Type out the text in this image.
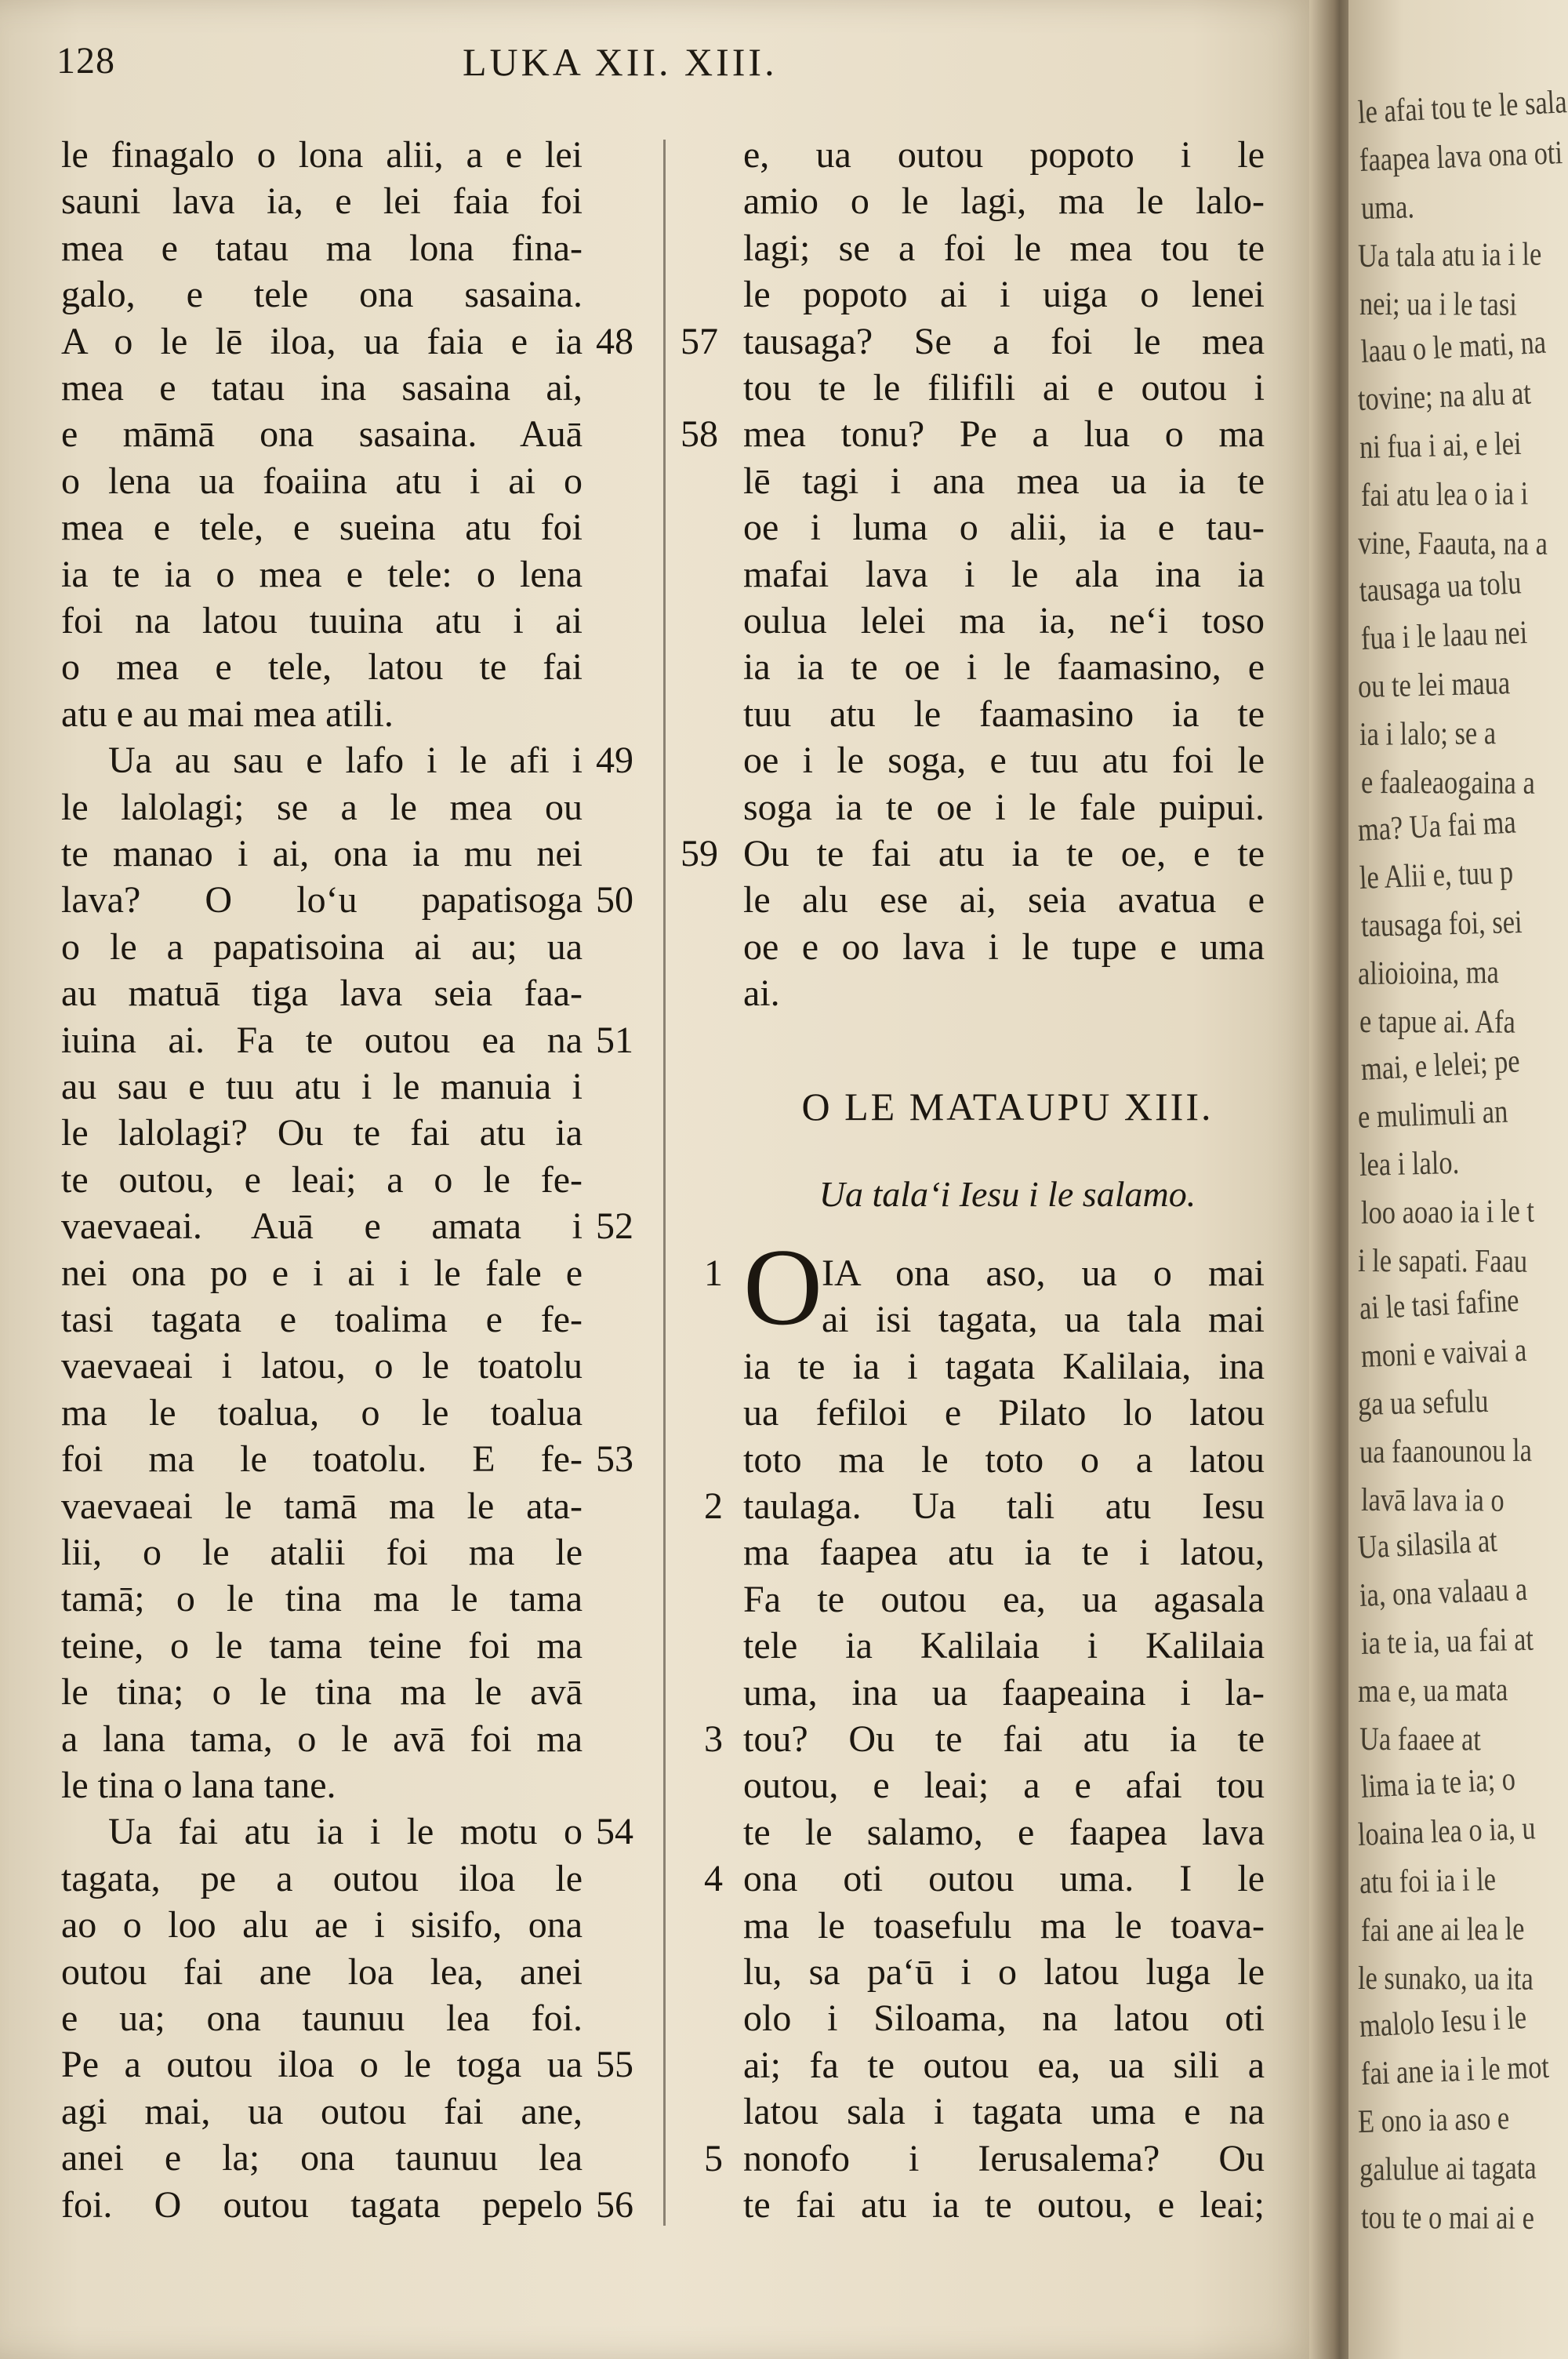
le afai tou te le sala
faapea lava ona oti
uma.
Ua tala atu ia i le
nei; ua i le tasi
laau o le mati, na
tovine; na alu at
ni fua i ai, e lei
fai atu lea o ia i
vine, Faauta, na a
tausaga ua tolu
fua i le laau nei
ou te lei maua
ia i lalo; se a
e faaleaogaina a
ma? Ua fai ma
le Alii e, tuu p
tausaga foi, sei
alioioina, ma
e tapue ai. Afa
mai, e lelei; pe
e mulimuli an
lea i lalo.
loo aoao ia i le t
i le sapati. Faau
ai le tasi fafine
moni e vaivai a
ga ua sefulu
ua faanounou la
lavā lava ia o
Ua silasila at
ia, ona valaau a
ia te ia, ua fai at
ma e, ua mata
Ua faaee at
lima ia te ia; o
loaina lea o ia, u
atu foi ia i le
fai ane ai lea le
le sunako, ua ita
malolo Iesu i le
fai ane ia i le mot
E ono ia aso e
galulue ai tagata
tou te o mai ai e
128	LUKA XII. XIII.
le finagalo o lona alii, a e lei
sauni lava ia, e lei faia foi
mea e tatau ma lona fina-
galo, e tele ona sasaina.
A o le lē iloa, ua faia e ia 48
mea e tatau ina sasaina ai,
e māmā ona sasaina. Auā
o lena ua foaiina atu i ai o
mea e tele, e sueina atu foi
ia te ia o mea e tele: o lena
foi na latou tuuina atu i ai
o mea e tele, latou te fai
atu e au mai mea atili.
Ua au sau e lafo i le afi i 49
le lalolagi; se a le mea ou
te manao i ai, ona ia mu nei
lava? O loʻu papatisoga 50
o le a papatisoina ai au; ua
au matuā tiga lava seia faa-
iuina ai. Fa te outou ea na 51
au sau e tuu atu i le manuia i
le lalolagi? Ou te fai atu ia
te outou, e leai; a o le fe-
vaevaeai. Auā e amata i 52
nei ona po e i ai i le fale e
tasi tagata e toalima e fe-
vaevaeai i latou, o le toatolu
ma le toalua, o le toalua
foi ma le toatolu. E fe- 53
vaevaeai le tamā ma le ata-
lii, o le atalii foi ma le
tamā; o le tina ma le tama
teine, o le tama teine foi ma
le tina; o le tina ma le avā
a lana tama, o le avā foi ma
le tina o lana tane.
Ua fai atu ia i le motu o 54
tagata, pe a outou iloa le
ao o loo alu ae i sisifo, ona
outou fai ane loa lea, anei
e ua; ona taunuu lea foi.
Pe a outou iloa o le toga ua 55
agi mai, ua outou fai ane,
anei e la; ona taunuu lea
foi. O outou tagata pepelo 56
e, ua outou popoto i le
amio o le lagi, ma le lalo-
lagi; se a foi le mea tou te
le popoto ai i uiga o lenei
tausaga? Se a foi le mea
57
tou te le filifili ai e outou i
mea tonu? Pe a lua o ma
58
lē tagi i ana mea ua ia te
oe i luma o alii, ia e tau-
mafai lava i le ala ina ia
oulua lelei ma ia, neʻi toso
ia ia te oe i le faamasino, e
tuu atu le faamasino ia te
oe i le soga, e tuu atu foi le
soga ia te oe i le fale puipui.
Ou te fai atu ia te oe, e te
59
le alu ese ai, seia avatua e
oe e oo lava i le tupe e uma
ai.
O LE MATAUPU XIII.
Ua talaʻi Iesu i le salamo.
O
IA ona aso, ua o mai
1
ai isi tagata, ua tala mai
ia te ia i tagata Kalilaia, ina
ua fefiloi e Pilato lo latou
toto ma le toto o a latou
taulaga. Ua tali atu Iesu
2
ma faapea atu ia te i latou,
Fa te outou ea, ua agasala
tele ia Kalilaia i Kalilaia
uma, ina ua faapeaina i la-
tou? Ou te fai atu ia te
3
outou, e leai; a e afai tou
te le salamo, e faapea lava
ona oti outou uma. I le
4
ma le toasefulu ma le toava-
lu, sa paʻū i o latou luga le
olo i Siloama, na latou oti
ai; fa te outou ea, ua sili a
latou sala i tagata uma e na
nonofo i Ierusalema? Ou
5
te fai atu ia te outou, e leai;
